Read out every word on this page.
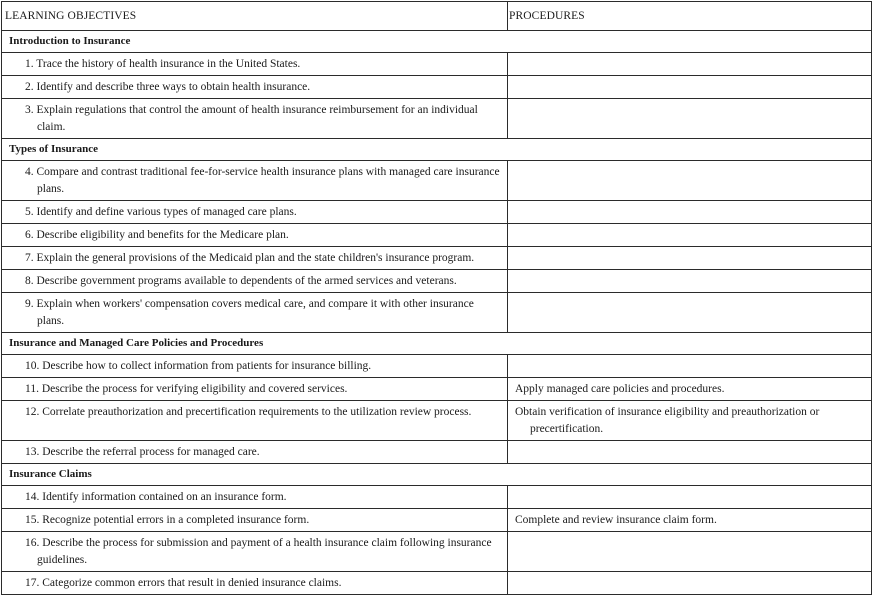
LEARNING OBJECTIVES	PROCEDURES
Introduction to Insurance	
1. Trace the history of health insurance in the United States.	
2. Identify and describe three ways to obtain health insurance.	
3. Explain regulations that control the amount of health insurance reimbursement for an individual claim.	
Types of Insurance	
4. Compare and contrast traditional fee-for-service health insurance plans with managed care insurance plans.	
5. Identify and define various types of managed care plans.	
6. Describe eligibility and benefits for the Medicare plan.	
7. Explain the general provisions of the Medicaid plan and the state children's insurance program.	
8. Describe government programs available to dependents of the armed services and veterans.	
9. Explain when workers' compensation covers medical care, and compare it with other insurance plans.	
Insurance and Managed Care Policies and Procedures	
10. Describe how to collect information from patients for insurance billing.	
11. Describe the process for verifying eligibility and covered services.	Apply managed care policies and procedures.

12. Correlate preauthorization and precertification requirements to the utilization review process.	Obtain verification of insurance eligibility and preauthorization or precertification.

13. Describe the referral process for managed care.	
Insurance Claims	
14. Identify information contained on an insurance form.	
15. Recognize potential errors in a completed insurance form.	Complete and review insurance claim form.

16. Describe the process for submission and payment of a health insurance claim following insurance guidelines.	
17. Categorize common errors that result in denied insurance claims.	
